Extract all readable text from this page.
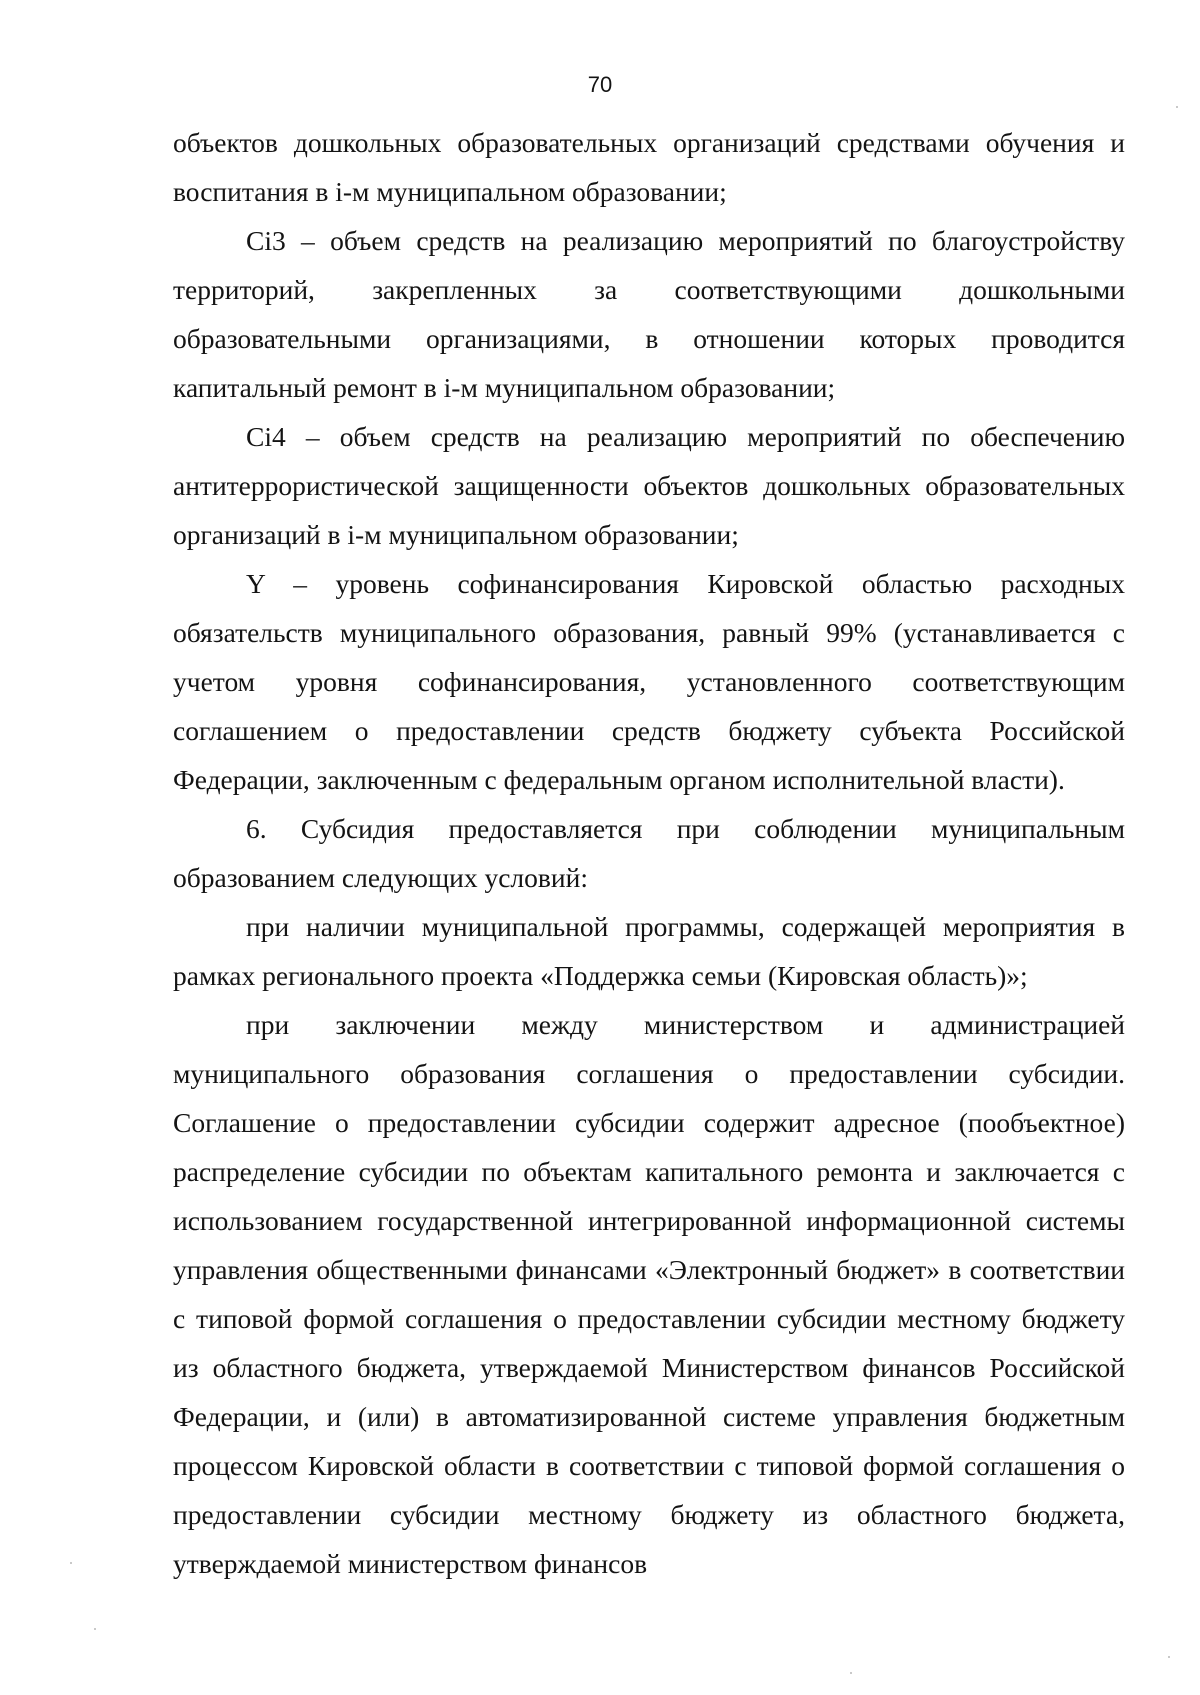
70

объектов дошкольных образовательных организаций средствами обучения и воспитания в i-м муниципальном образовании;

Ci3 – объем средств на реализацию мероприятий по благоустройству территорий, закрепленных за соответствующими дошкольными образовательными организациями, в отношении которых проводится капитальный ремонт в i-м муниципальном образовании;

Ci4 – объем средств на реализацию мероприятий по обеспечению антитеррористической защищенности объектов дошкольных образовательных организаций в i-м муниципальном образовании;

Y – уровень софинансирования Кировской областью расходных обязательств муниципального образования, равный 99% (устанавливается с учетом уровня софинансирования, установленного соответствующим соглашением о предоставлении средств бюджету субъекта Российской Федерации, заключенным с федеральным органом исполнительной власти).

6. Субсидия предоставляется при соблюдении муниципальным образованием следующих условий:

при наличии муниципальной программы, содержащей мероприятия в рамках регионального проекта «Поддержка семьи (Кировская область)»;

при заключении между министерством и администрацией муниципального образования соглашения о предоставлении субсидии. Соглашение о предоставлении субсидии содержит адресное (пообъектное) распределение субсидии по объектам капитального ремонта и заключается с использованием государственной интегрированной информационной системы управления общественными финансами «Электронный бюджет» в соответствии с типовой формой соглашения о предоставлении субсидии местному бюджету из областного бюджета, утверждаемой Министерством финансов Российской Федерации, и (или) в автоматизированной системе управления бюджетным процессом Кировской области в соответствии с типовой формой соглашения о предоставлении субсидии местному бюджету из областного бюджета, утверждаемой министерством финансов
